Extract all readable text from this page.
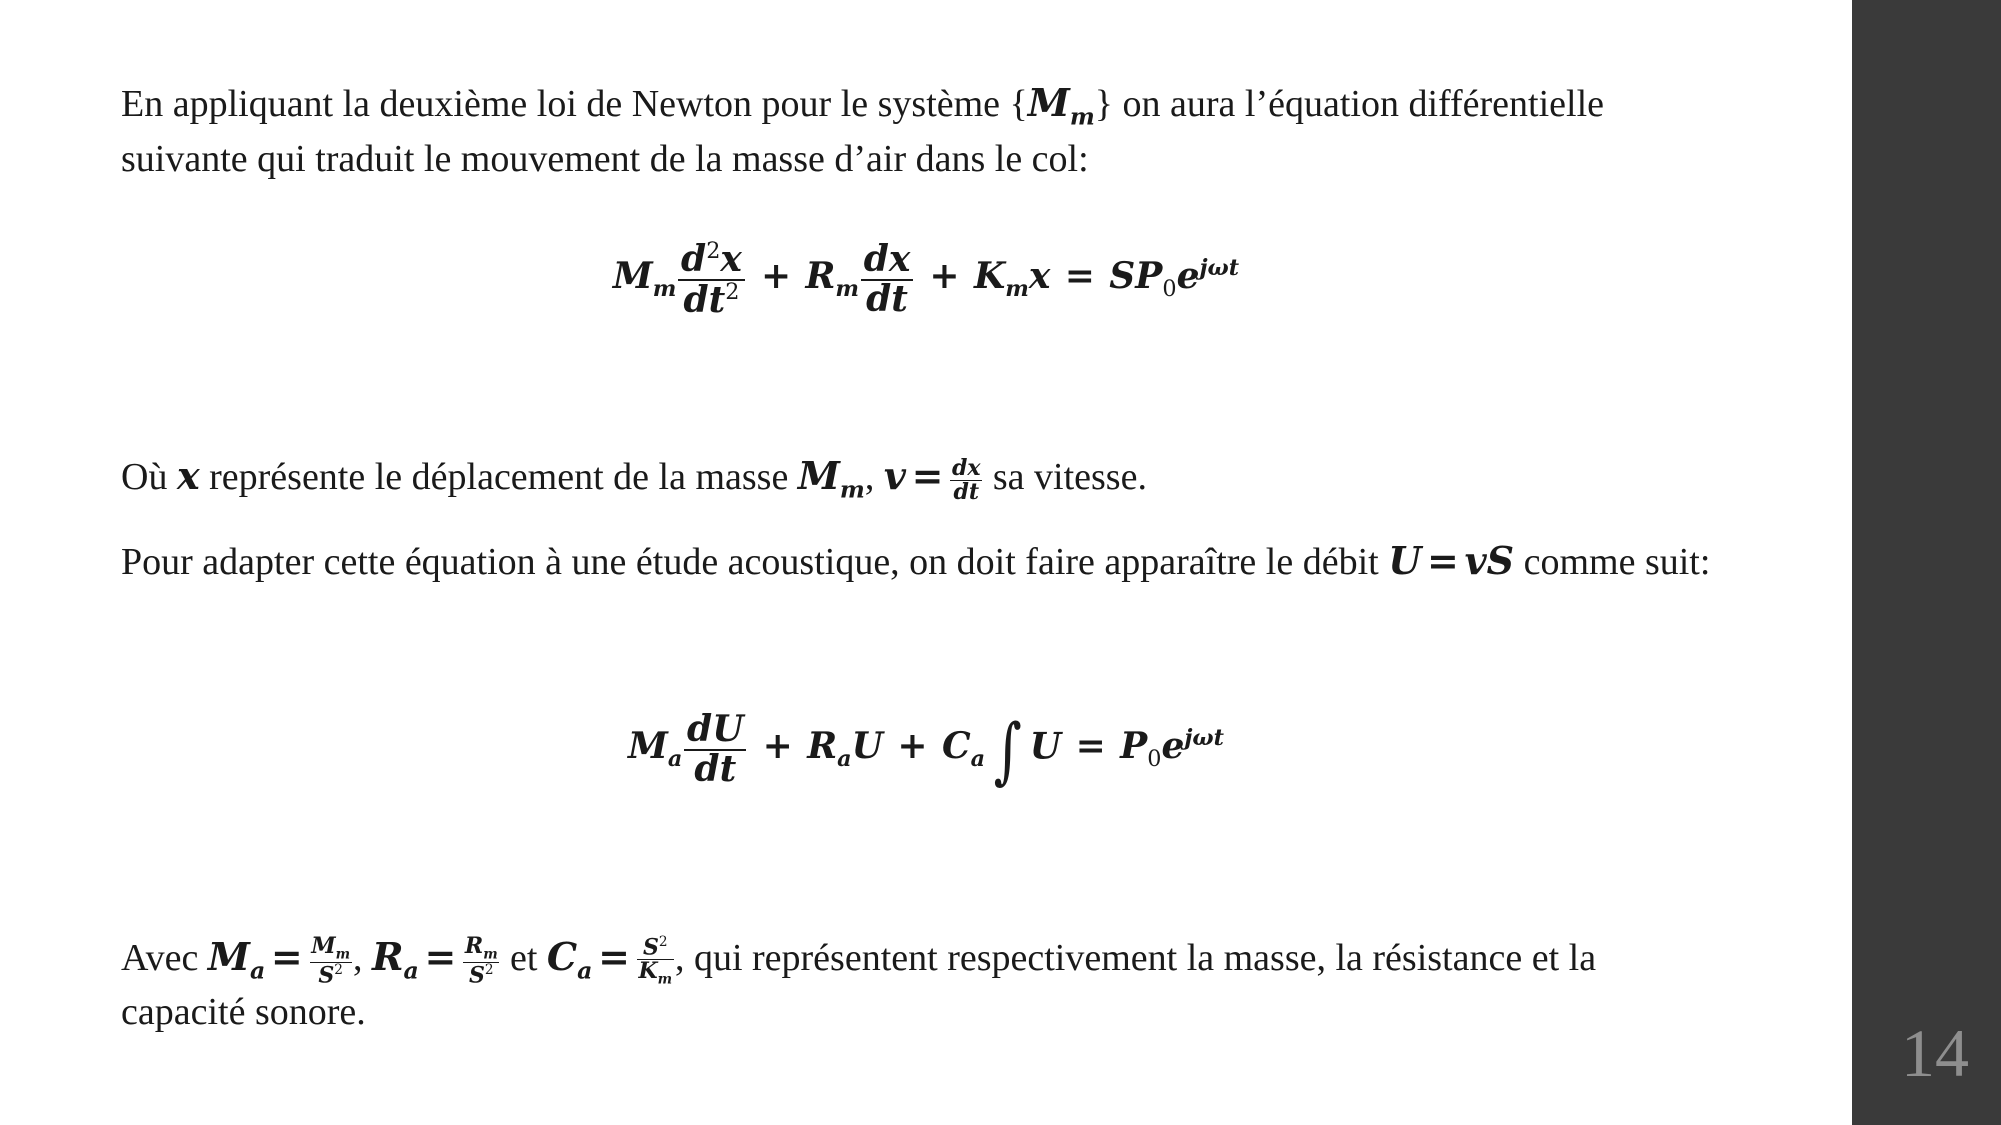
En appliquant la deuxième loi de Newton pour le système $\{M_m\}$ on aura l’équation différentielle suivante qui traduit le mouvement de la masse d’air dans le col:

$M_m \frac{d^2x}{dt^2} + R_m \frac{dx}{dt} + K_mx = SP_0e^{j\omega t}$

Où x représente le déplacement de la masse $M_m$, $v = \frac{dx}{dt}$ sa vitesse.

Pour adapter cette équation à une étude acoustique, on doit faire apparaître le débit U = vS comme suit:

$M_a \frac{dU}{dt} + R_aU + C_a$ ∫ $U = P_0e^{j\omega t}$

Avec $M_a = \frac{M_m}{S^2}$ , $R_a = \frac{R_m}{S^2}$ et $C_a = \frac{S^2}{K_m}$ , qui représentent respectivement la masse, la résistance et la capacité sonore.

14
